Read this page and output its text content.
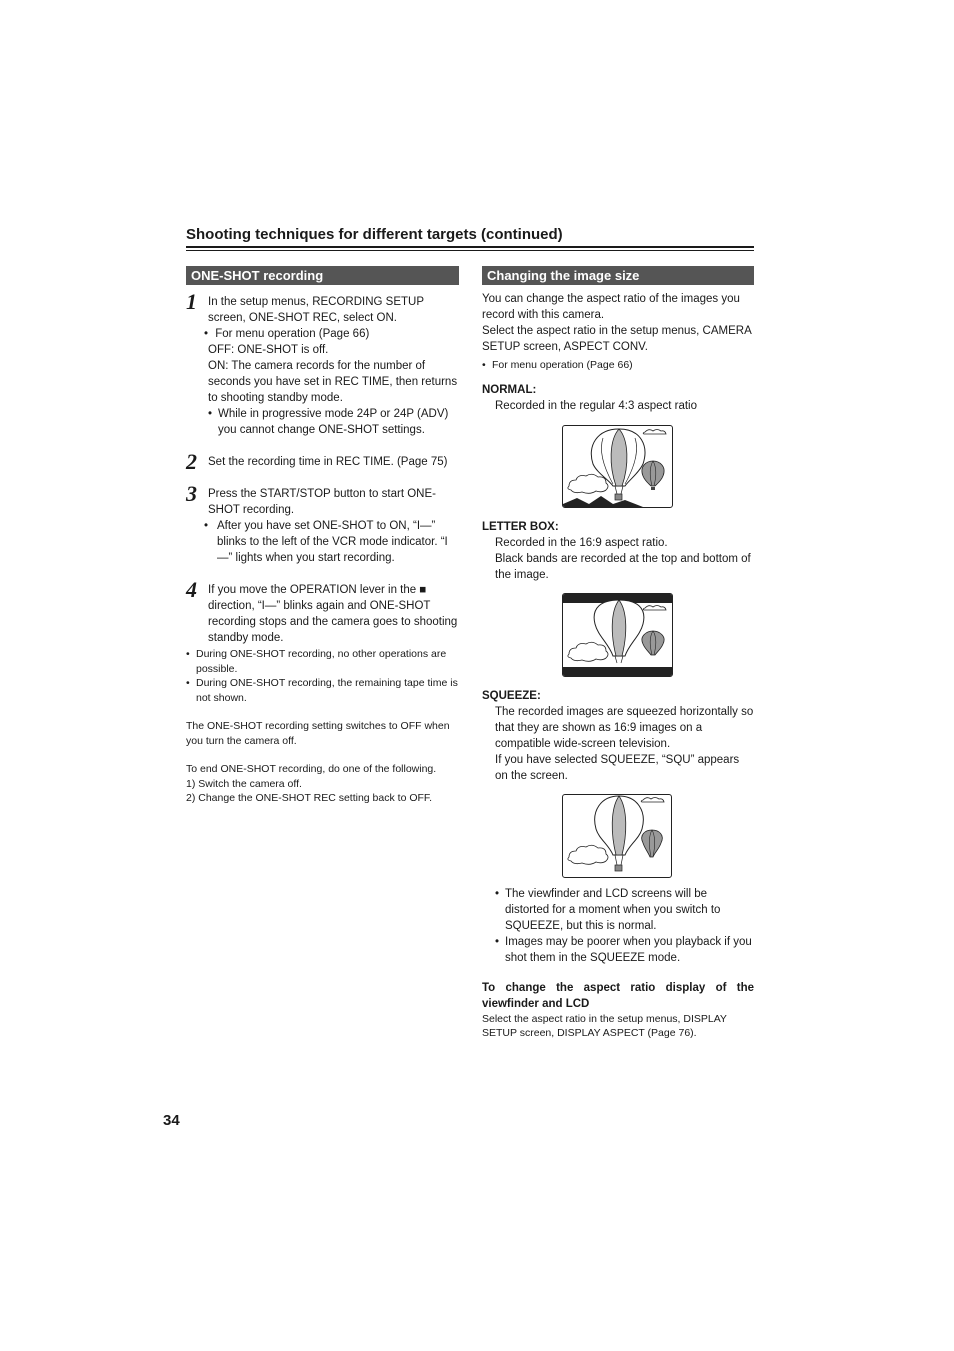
Shooting techniques for different targets (continued)
ONE-SHOT recording	Changing the image size
1 In the setup menus, RECORDING SETUP screen, ONE-SHOT REC, select ON.

• For menu operation (Page 66)

OFF: ONE-SHOT is off.

ON: The camera records for the number of seconds you have set in REC TIME, then returns to shooting standby mode.

• While in progressive mode 24P or 24P (ADV) you cannot change ONE-SHOT settings.
2 Set the recording time in REC TIME. (Page 75)

3 Press the START/STOP button to start ONE-SHOT recording.

• After you have set ONE-SHOT to ON, “I—” blinks to the left of the VCR mode indicator. “I—” lights when you start recording.
4 If you move the OPERATION lever in the ■ direction, “I—” blinks again and ONE-SHOT recording stops and the camera goes to shooting standby mode.

• During ONE-SHOT recording, no other operations are possible.
• During ONE-SHOT recording, the remaining tape time is not shown.
The ONE-SHOT recording setting switches to OFF when you turn the camera off.
To end ONE-SHOT recording, do one of the following.
1) Switch the camera off.
2) Change the ONE-SHOT REC setting back to OFF.
You can change the aspect ratio of the images you record with this camera.
Select the aspect ratio in the setup menus, CAMERA SETUP screen, ASPECT CONV.
• For menu operation (Page 66)
NORMAL:
Recorded in the regular 4:3 aspect ratio
LETTER BOX:
Recorded in the 16:9 aspect ratio.
Black bands are recorded at the top and bottom of the image.
SQUEEZE:
The recorded images are squeezed horizontally so that they are shown as 16:9 images on a compatible wide-screen television.
If you have selected SQUEEZE, “SQU” appears on the screen.
• The viewfinder and LCD screens will be distorted for a moment when you switch to SQUEEZE, but this is normal.
• Images may be poorer when you playback if you shot them in the SQUEEZE mode.
To change the aspect ratio display of the viewfinder and LCD
Select the aspect ratio in the setup menus, DISPLAY SETUP screen, DISPLAY ASPECT (Page 76).
34
